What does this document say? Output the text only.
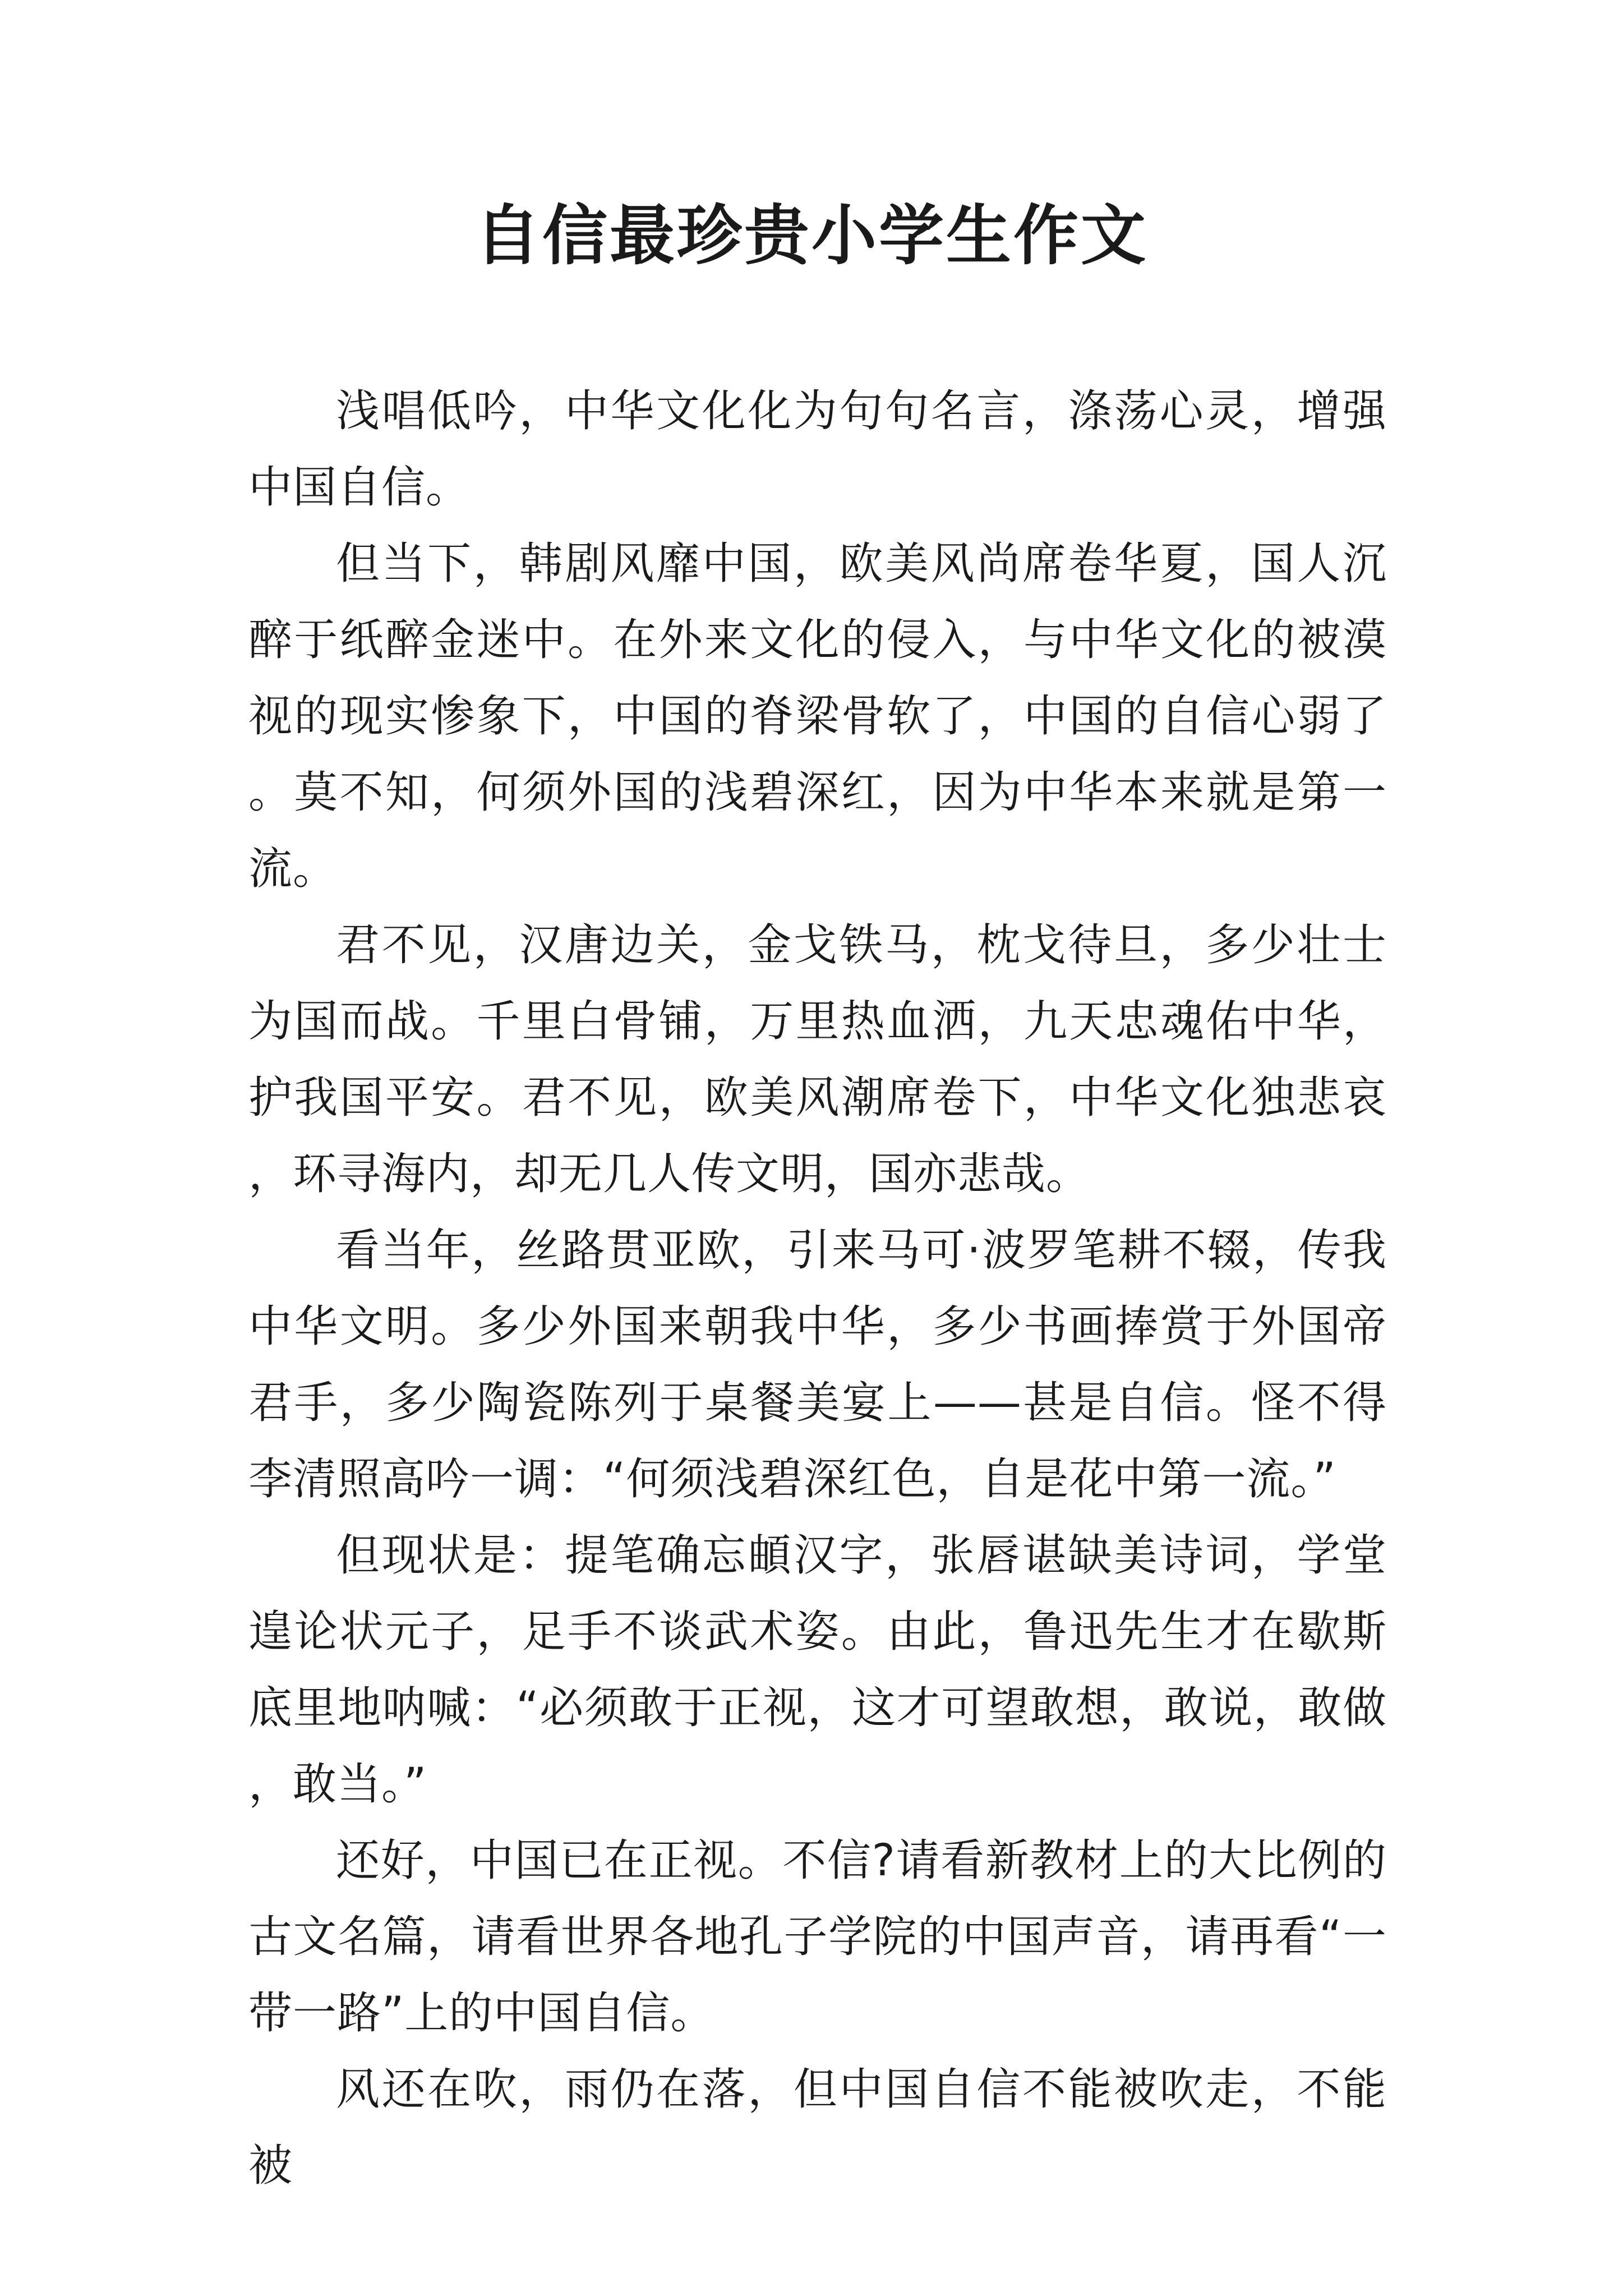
自信最珍贵小学生作文

浅唱低吟，中华文化化为句句名言，涤荡心灵，增强中国自信。

但当下，韩剧风靡中国，欧美风尚席卷华夏，国人沉醉于纸醉金迷中。在外来文化的侵入，与中华文化的被漠视的现实惨象下，中国的脊梁骨软了，中国的自信心弱了。莫不知，何须外国的浅碧深红，因为中华本来就是第一流。

君不见，汉唐边关，金戈铁马，枕戈待旦，多少壮士为国而战。千里白骨铺，万里热血洒，九天忠魂佑中华，护我国平安。君不见，欧美风潮席卷下，中华文化独悲哀，环寻海内，却无几人传文明，国亦悲哉。

看当年，丝路贯亚欧，引来马可·波罗笔耕不辍，传我中华文明。多少外国来朝我中华，多少书画捧赏于外国帝君手，多少陶瓷陈列于桌餐美宴上——甚是自信。怪不得李清照高吟一调：“何须浅碧深红色，自是花中第一流。”

但现状是：提笔确忘頔汉字，张唇谌缺美诗词，学堂遑论状元子，足手不谈武术姿。由此，鲁迅先生才在歇斯底里地呐喊：“必须敢于正视，这才可望敢想，敢说，敢做，敢当。”

还好，中国已在正视。不信?请看新教材上的大比例的古文名篇，请看世界各地孔子学院的中国声音，请再看“一带一路”上的中国自信。

风还在吹，雨仍在落，但中国自信不能被吹走，不能被
